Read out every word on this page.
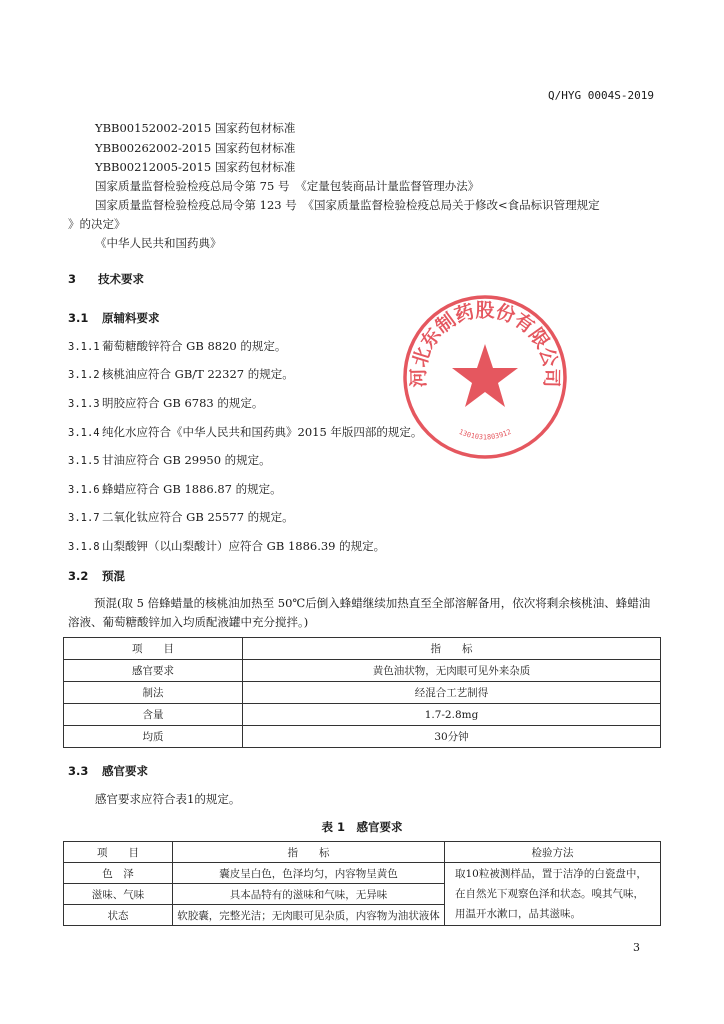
Q/HYG 0004S-2019
YBB00152002-2015 国家药包材标准
YBB00262002-2015 国家药包材标准
YBB00212005-2015 国家药包材标准
国家质量监督检验检疫总局令第 75 号　《定量包装商品计量监督管理办法》
国家质量监督检验检疫总局令第 123 号　《国家质量监督检验检疫总局关于修改<食品标识管理规定
》的决定》
《中华人民共和国药典》
3 技术要求
3.1 原辅料要求
3.1.1 葡萄糖酸锌符合 GB 8820 的规定。
3.1.2 核桃油应符合 GB/T 22327 的规定。
3.1.3 明胶应符合 GB 6783 的规定。
3.1.4 纯化水应符合《中华人民共和国药典》2015 年版四部的规定。
3.1.5 甘油应符合 GB 29950 的规定。
3.1.6 蜂蜡应符合 GB 1886.87 的规定。
3.1.7 二氧化钛应符合 GB 25577 的规定。
3.1.8 山梨酸钾（以山梨酸计）应符合 GB 1886.39 的规定。
3.2 预混
预混(取 5 倍蜂蜡量的核桃油加热至 50℃后倒入蜂蜡继续加热直至全部溶解备用，依次将剩余核桃油、蜂蜡油溶液、葡萄糖酸锌加入均质配液罐中充分搅拌。)
项　　目	指　　标
感官要求	黄色油状物，无肉眼可见外来杂质
制法	经混合工艺制得
含量	1.7-2.8mg
均质	30分钟
3.3 感官要求
感官要求应符合表1的规定。
表 1　感官要求
项　　目	指　　标	检验方法
色　泽	囊皮呈白色，色泽均匀，内容物呈黄色	取10粒被测样品，置于洁净的白瓷盘中，在自然光下观察色泽和状态。嗅其气味，用温开水漱口，品其滋味。
滋味、气味	具本品特有的滋味和气味，无异味	
状态	软胶囊，完整光洁；无肉眼可见杂质，内容物为油状液体	
河北东制药股份有限公司
1301031803912
3
